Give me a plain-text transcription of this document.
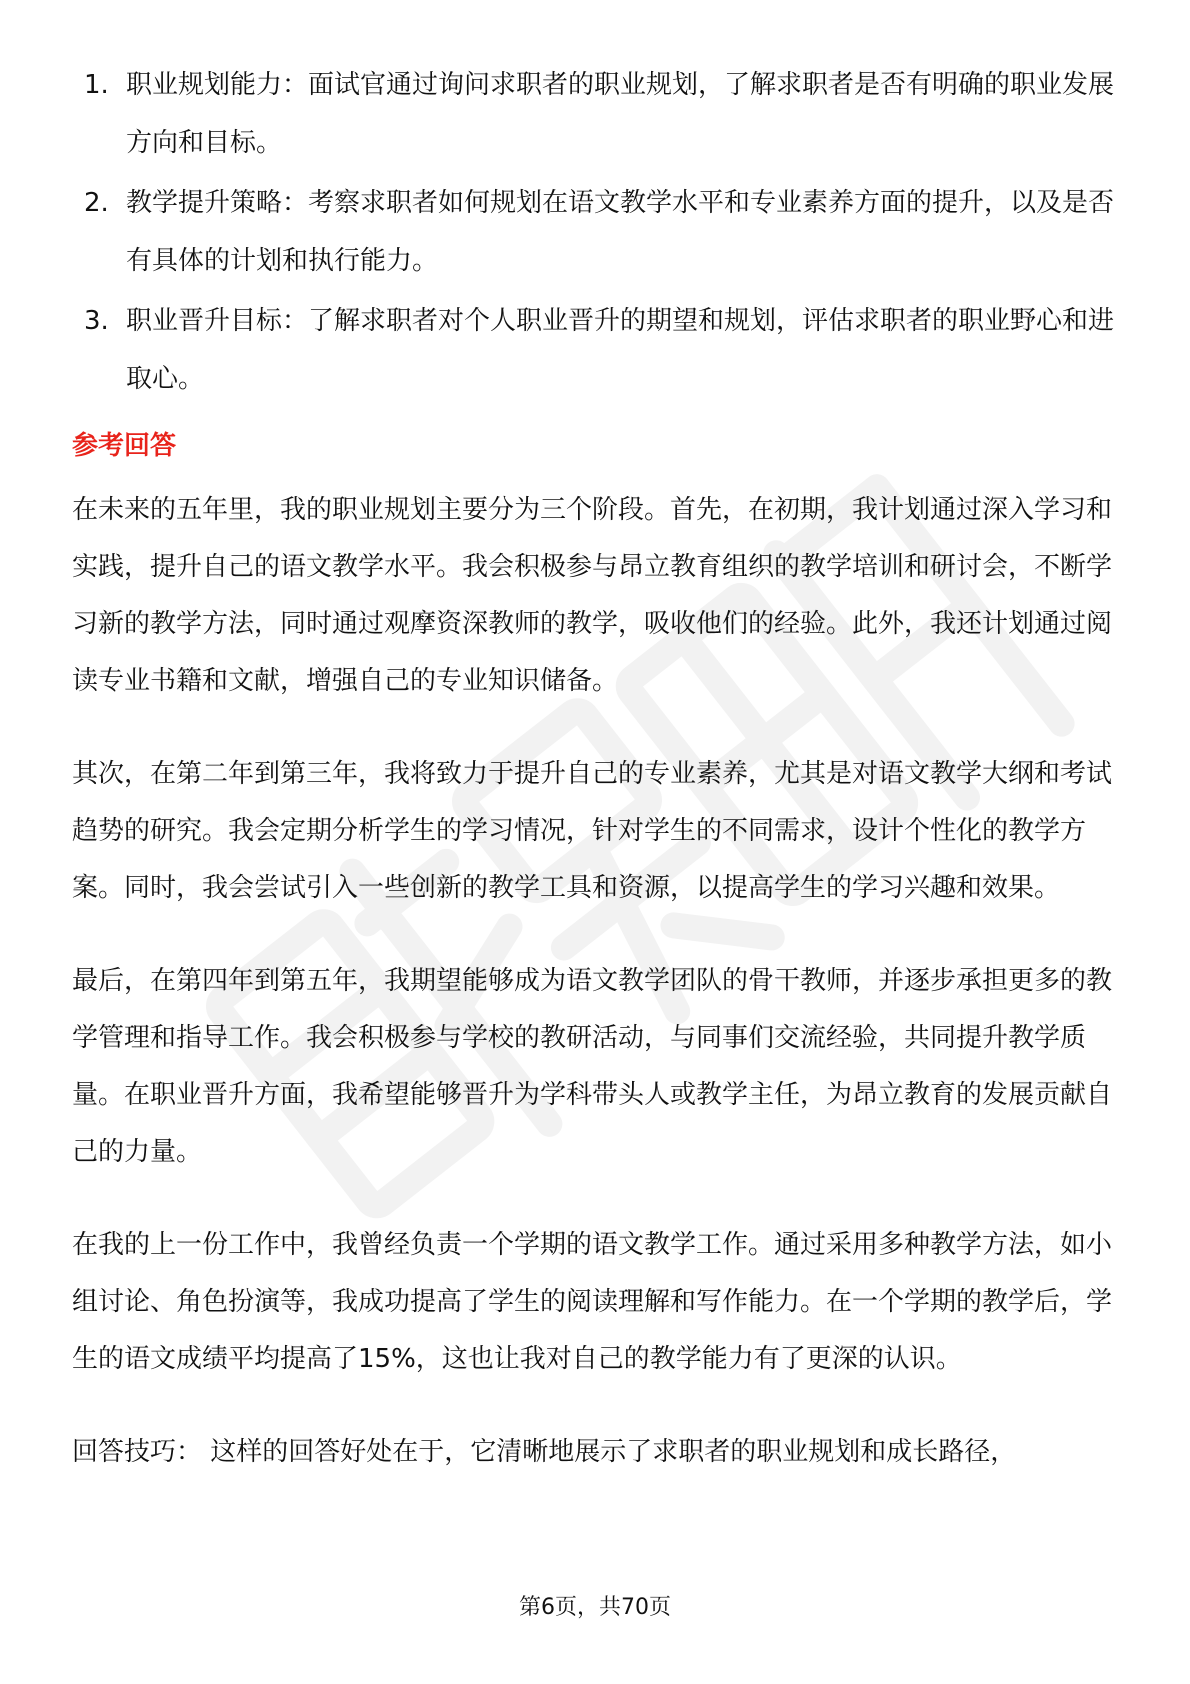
1. 职业规划能力：面试官通过询问求职者的职业规划，了解求职者是否有明确的职业发展方向和目标。
2. 教学提升策略：考察求职者如何规划在语文教学水平和专业素养方面的提升，以及是否有具体的计划和执行能力。
3. 职业晋升目标：了解求职者对个人职业晋升的期望和规划，评估求职者的职业野心和进取心。
参考回答

在未来的五年里，我的职业规划主要分为三个阶段。首先，在初期，我计划通过深入学习和实践，提升自己的语文教学水平。我会积极参与昂立教育组织的教学培训和研讨会，不断学习新的教学方法，同时通过观摩资深教师的教学，吸收他们的经验。此外，我还计划通过阅读专业书籍和文献，增强自己的专业知识储备。

其次，在第二年到第三年，我将致力于提升自己的专业素养，尤其是对语文教学大纲和考试趋势的研究。我会定期分析学生的学习情况，针对学生的不同需求，设计个性化的教学方案。同时，我会尝试引入一些创新的教学工具和资源，以提高学生的学习兴趣和效果。

最后，在第四年到第五年，我期望能够成为语文教学团队的骨干教师，并逐步承担更多的教学管理和指导工作。我会积极参与学校的教研活动，与同事们交流经验，共同提升教学质量。在职业晋升方面，我希望能够晋升为学科带头人或教学主任，为昂立教育的发展贡献自己的力量。

在我的上一份工作中，我曾经负责一个学期的语文教学工作。通过采用多种教学方法，如小组讨论、角色扮演等，我成功提高了学生的阅读理解和写作能力。在一个学期的教学后，学生的语文成绩平均提高了15%，这也让我对自己的教学能力有了更深的认识。

回答技巧： 这样的回答好处在于，它清晰地展示了求职者的职业规划和成长路径，

第6页，共70页
